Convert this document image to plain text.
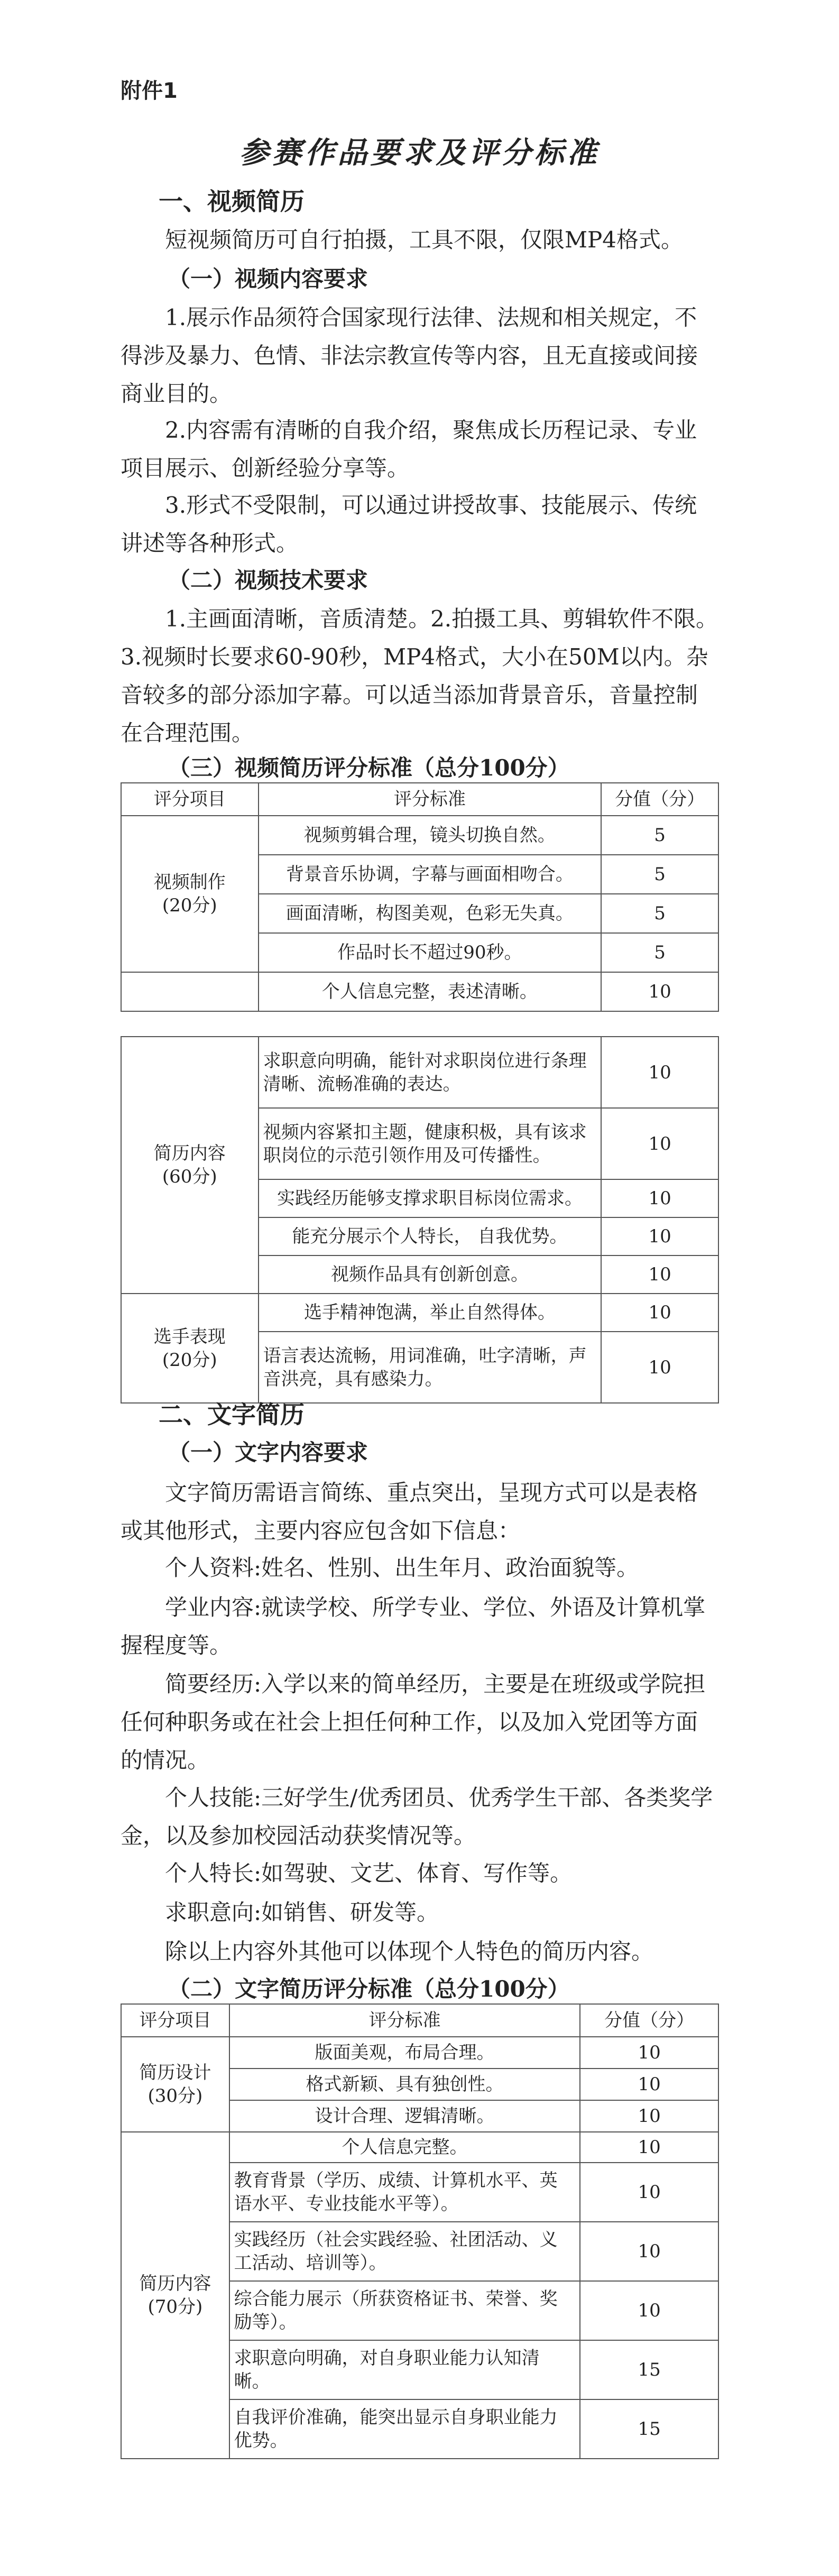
附件1
参赛作品要求及评分标准
一、视频简历
短视频简历可自行拍摄，工具不限，仅限MP4格式。
（一）视频内容要求
1.展示作品须符合国家现行法律、法规和相关规定，不得涉及暴力、色情、非法宗教宣传等内容，且无直接或间接商业目的。
2.内容需有清晰的自我介绍，聚焦成长历程记录、专业项目展示、创新经验分享等。
3.形式不受限制，可以通过讲授故事、技能展示、传统讲述等各种形式。
（二）视频技术要求
1.主画面清晰，音质清楚。2.拍摄工具、剪辑软件不限。3.视频时长要求60-90秒，MP4格式，大小在50M以内。杂音较多的部分添加字幕。可以适当添加背景音乐，音量控制在合理范围。
（三）视频简历评分标准（总分100分）
评分项目	评分标准	分值（分）

视频制作
(20分)	视频剪辑合理，镜头切换自然。	5
	背景音乐协调，字幕与画面相吻合。	5
	画面清晰，构图美观，色彩无失真。	5
	作品时长不超过90秒。	5
	个人信息完整，表述清晰。	10
简历内容
(60分)	求职意向明确，能针对求职岗位进行条理清晰、流畅准确的表达。	10
	视频内容紧扣主题，健康积极，具有该求职岗位的示范引领作用及可传播性。	10
	实践经历能够支撑求职目标岗位需求。	10
	能充分展示个人特长， 自我优势。	10
	视频作品具有创新创意。	10

选手表现
(20分)	选手精神饱满，举止自然得体。	10
	语言表达流畅，用词准确，吐字清晰，声音洪亮，具有感染力。	10
二、文字简历
（一）文字内容要求
文字简历需语言简练、重点突出，呈现方式可以是表格或其他形式，主要内容应包含如下信息：
个人资料:姓名、性别、出生年月、政治面貌等。
学业内容:就读学校、所学专业、学位、外语及计算机掌握程度等。
简要经历:入学以来的简单经历，主要是在班级或学院担任何种职务或在社会上担任何种工作，以及加入党团等方面的情况。
个人技能:三好学生/优秀团员、优秀学生干部、各类奖学金，以及参加校园活动获奖情况等。
个人特长:如驾驶、文艺、体育、写作等。
求职意向:如销售、研发等。
除以上内容外其他可以体现个人特色的简历内容。
（二）文字简历评分标准（总分100分）
评分项目	评分标准	分值（分）

简历设计
(30分)	版面美观，布局合理。	10
	格式新颖、具有独创性。	10
	设计合理、逻辑清晰。	10

简历内容
(70分)	个人信息完整。	10
	教育背景（学历、成绩、计算机水平、英语水平、专业技能水平等）。	10
	实践经历（社会实践经验、社团活动、义工活动、培训等）。	10
	综合能力展示（所获资格证书、荣誉、奖励等）。	10
	求职意向明确，对自身职业能力认知清晰。	15
	自我评价准确，能突出显示自身职业能力优势。	15
